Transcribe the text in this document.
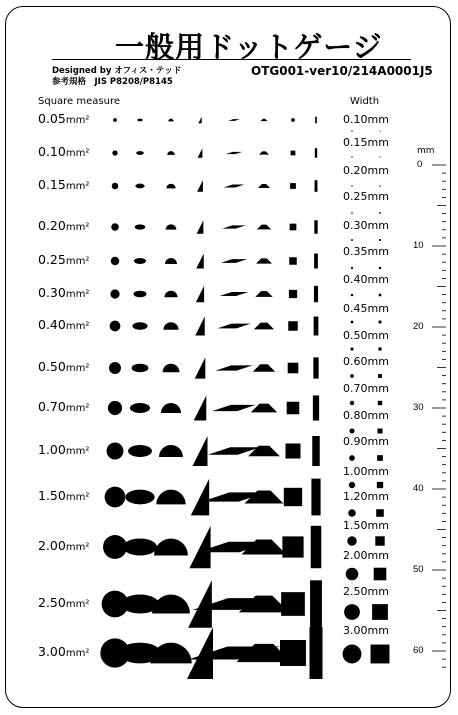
一般用ドットゲージ
Designed by オフィス・テッド
参考規格　JIS P8208/P8145
OTG001-ver10/214A0001J5
Square measure	Width
mm
0.05mm²
0.10mm²
0.15mm²
0.20mm²
0.25mm²
0.30mm²
0.40mm²
0.50mm²
0.70mm²
1.00mm²
1.50mm²
2.00mm²
2.50mm²
3.00mm²
0.10mm
0.15mm
0.20mm
0.25mm
0.30mm
0.35mm
0.40mm
0.45mm
0.50mm
0.60mm
0.70mm
0.80mm
0.90mm
1.00mm
1.20mm
1.50mm
2.00mm
2.50mm
3.00mm
0
10
20
30
40
50
60
